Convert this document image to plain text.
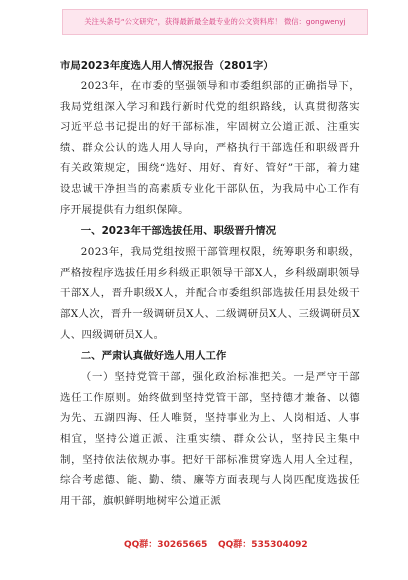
关注头条号“公文研究”，获得最新最全最专业的公文资料库！ 微信：gongwenyj

市局2023年度选人用人情况报告（2801字）

2023年，在市委的坚强领导和市委组织部的正确指导下，我局党组深入学习和践行新时代党的组织路线，认真贯彻落实习近平总书记提出的好干部标准，牢固树立公道正派、注重实绩、群众公认的选人用人导向，严格执行干部选任和职级晋升有关政策规定，围绕“选好、用好、育好、管好”干部，着力建设忠诚干净担当的高素质专业化干部队伍，为我局中心工作有序开展提供有力组织保障。

一、2023年干部选拔任用、职级晋升情况

2023年，我局党组按照干部管理权限，统筹职务和职级，严格按程序选拔任用乡科级正职领导干部X人，乡科级副职领导干部X人，晋升职级X人，并配合市委组织部选拔任用县处级干部X人次，晋升一级调研员X人、二级调研员X人、三级调研员X人、四级调研员X人。

二、严肃认真做好选人用人工作

（一）坚持党管干部，强化政治标准把关。一是严守干部选任工作原则。始终做到坚持党管干部，坚持德才兼备、以德为先、五湖四海、任人唯贤，坚持事业为上、人岗相适、人事相宜，坚持公道正派、注重实绩、群众公认，坚持民主集中制，坚持依法依规办事。把好干部标准贯穿选人用人全过程，综合考虑德、能、勤、绩、廉等方面表现与人岗匹配度选拔任用干部，旗帜鲜明地树牢公道正派

QQ群：30265665 QQ群：535304092
